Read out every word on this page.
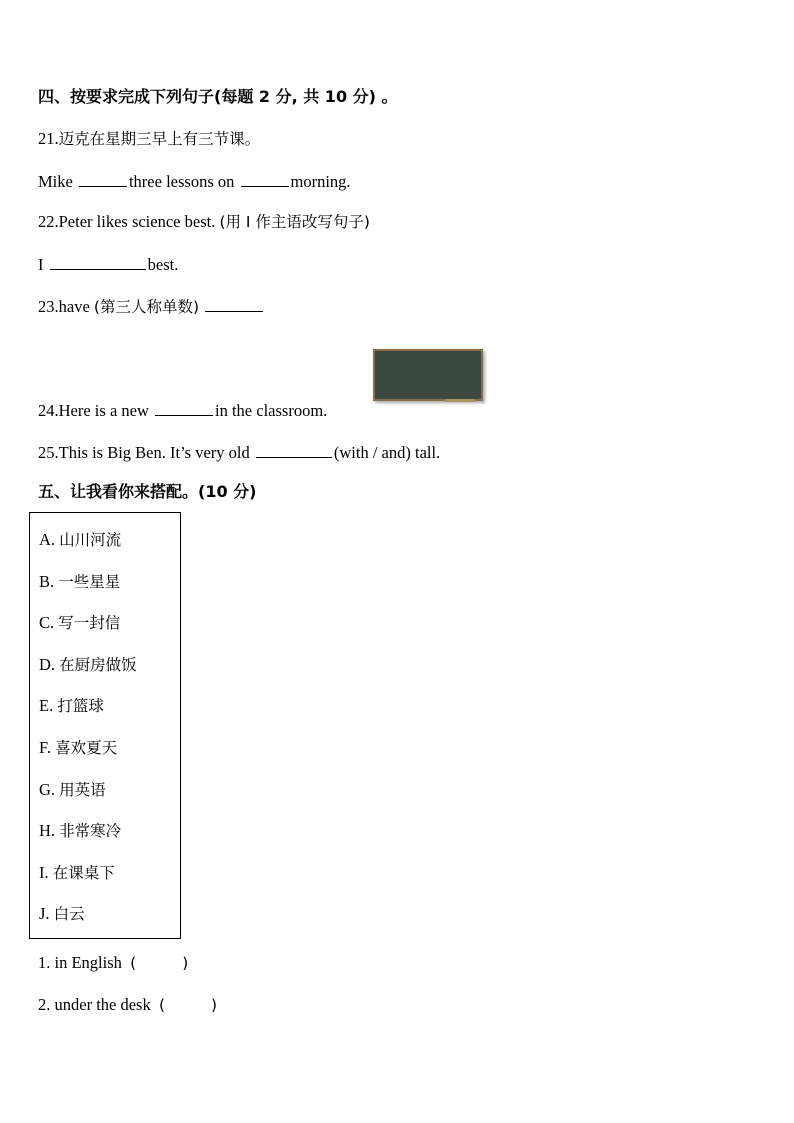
四、按要求完成下列句子(每题 2 分, 共 10 分) 。
21.迈克在星期三早上有三节课。
Mike	three lessons on	morning.
22.Peter likes science best. (用 I 作主语改写句子)
I	best.
23.have (第三人称单数)
24.Here is a new	in the classroom.
25.This is Big Ben. It’s very old	(with / and) tall.
五、让我看你来搭配。(10 分)
A. 山川河流
B. 一些星星
C. 写一封信
D. 在厨房做饭
E. 打篮球
F. 喜欢夏天
G. 用英语
H. 非常寒冷
I. 在课桌下
J. 白云
1. in English (	)
2. under the desk (	)
